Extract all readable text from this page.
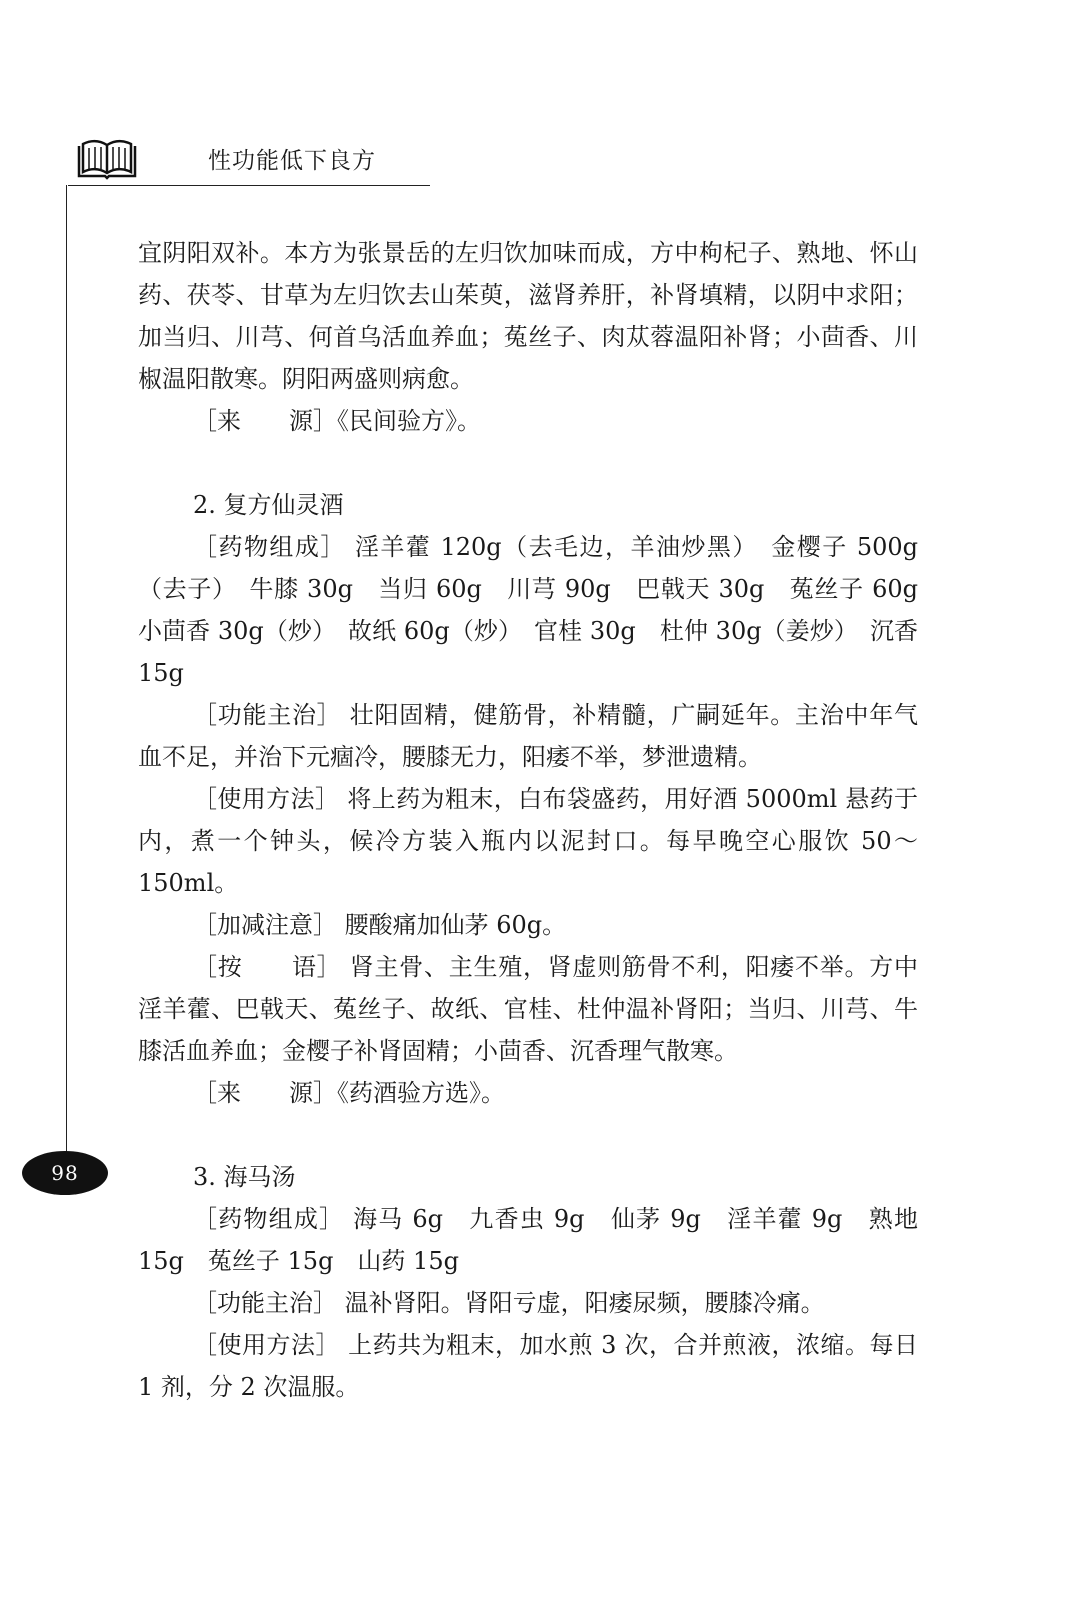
性功能低下良方
98

宜阴阳双补。本方为张景岳的左归饮加味而成，方中枸杞子、熟地、怀山药、茯苓、甘草为左归饮去山茱萸，滋肾养肝，补肾填精，以阴中求阳；加当归、川芎、何首乌活血养血；菟丝子、肉苁蓉温阳补肾；小茴香、川椒温阳散寒。阴阳两盛则病愈。

［来　　源］《民间验方》。

2. 复方仙灵酒

［药物组成］ 淫羊藿 120g（去毛边，羊油炒黑）　金樱子 500g（去子）　牛膝 30g　当归 60g　川芎 90g　巴戟天 30g　菟丝子 60g　小茴香 30g（炒）　故纸 60g（炒）　官桂 30g　杜仲 30g（姜炒）　沉香 15g

［功能主治］ 壮阳固精，健筋骨，补精髓，广嗣延年。主治中年气血不足，并治下元痼冷，腰膝无力，阳痿不举，梦泄遗精。

［使用方法］ 将上药为粗末，白布袋盛药，用好酒 5000ml 悬药于内，煮一个钟头，候冷方装入瓶内以泥封口。每早晚空心服饮 50～150ml。

［加减注意］ 腰酸痛加仙茅 60g。

［按　　语］ 肾主骨、主生殖，肾虚则筋骨不利，阳痿不举。方中淫羊藿、巴戟天、菟丝子、故纸、官桂、杜仲温补肾阳；当归、川芎、牛膝活血养血；金樱子补肾固精；小茴香、沉香理气散寒。

［来　　源］《药酒验方选》。

3. 海马汤

［药物组成］ 海马 6g　九香虫 9g　仙茅 9g　淫羊藿 9g　熟地 15g　菟丝子 15g　山药 15g

［功能主治］ 温补肾阳。肾阳亏虚，阳痿尿频，腰膝冷痛。

［使用方法］ 上药共为粗末，加水煎 3 次，合并煎液，浓缩。每日 1 剂，分 2 次温服。
